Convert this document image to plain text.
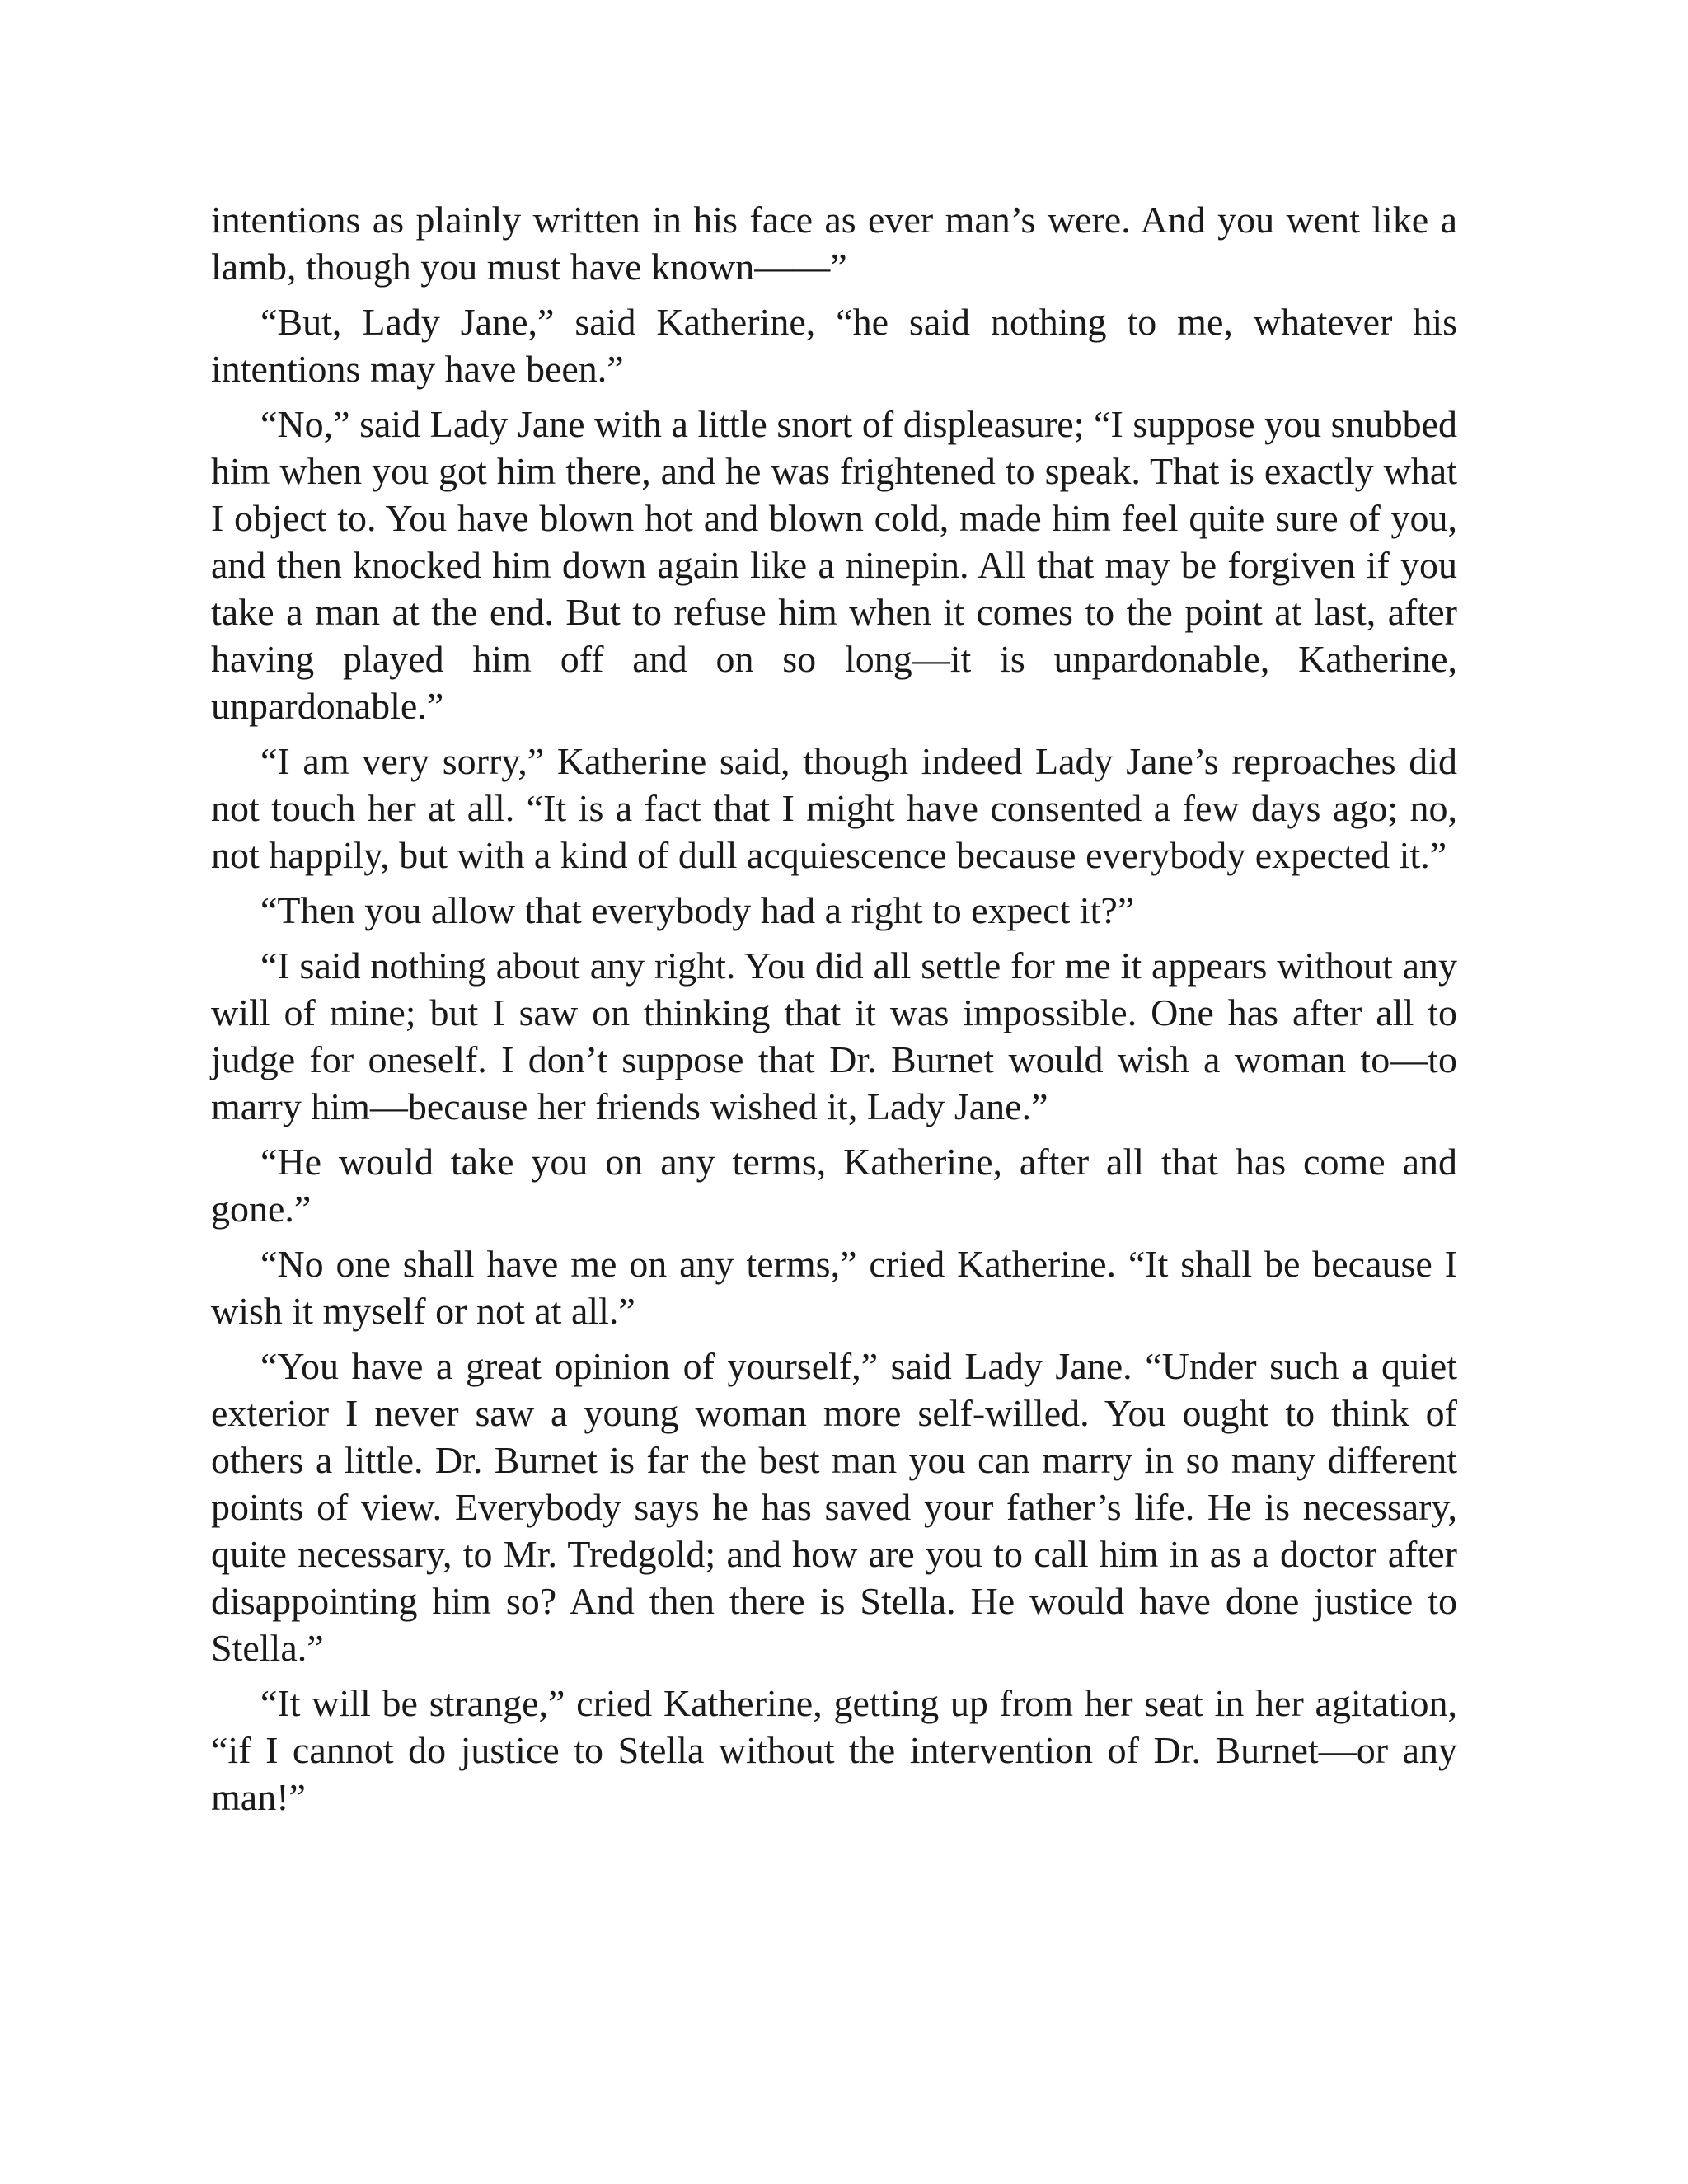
intentions as plainly written in his face as ever man’s were. And you went like a lamb, though you must have known——”

“But, Lady Jane,” said Katherine, “he said nothing to me, whatever his intentions may have been.”

“No,” said Lady Jane with a little snort of displeasure; “I suppose you snubbed him when you got him there, and he was frightened to speak. That is exactly what I object to. You have blown hot and blown cold, made him feel quite sure of you, and then knocked him down again like a ninepin. All that may be forgiven if you take a man at the end. But to refuse him when it comes to the point at last, after having played him off and on so long—it is unpardonable, Katherine, unpardonable.”

“I am very sorry,” Katherine said, though indeed Lady Jane’s reproaches did not touch her at all. “It is a fact that I might have consented a few days ago; no, not happily, but with a kind of dull acquiescence because everybody expected it.”

“Then you allow that everybody had a right to expect it?”

“I said nothing about any right. You did all settle for me it appears without any will of mine; but I saw on thinking that it was impossible. One has after all to judge for oneself. I don’t suppose that Dr. Burnet would wish a woman to—to marry him—because her friends wished it, Lady Jane.”

“He would take you on any terms, Katherine, after all that has come and gone.”

“No one shall have me on any terms,” cried Katherine. “It shall be because I wish it myself or not at all.”

“You have a great opinion of yourself,” said Lady Jane. “Under such a quiet exterior I never saw a young woman more self-willed. You ought to think of others a little. Dr. Burnet is far the best man you can marry in so many different points of view. Everybody says he has saved your father’s life. He is necessary, quite necessary, to Mr. Tredgold; and how are you to call him in as a doctor after disappointing him so? And then there is Stella. He would have done justice to Stella.”

“It will be strange,” cried Katherine, getting up from her seat in her agitation, “if I cannot do justice to Stella without the intervention of Dr. Burnet—or any man!”
